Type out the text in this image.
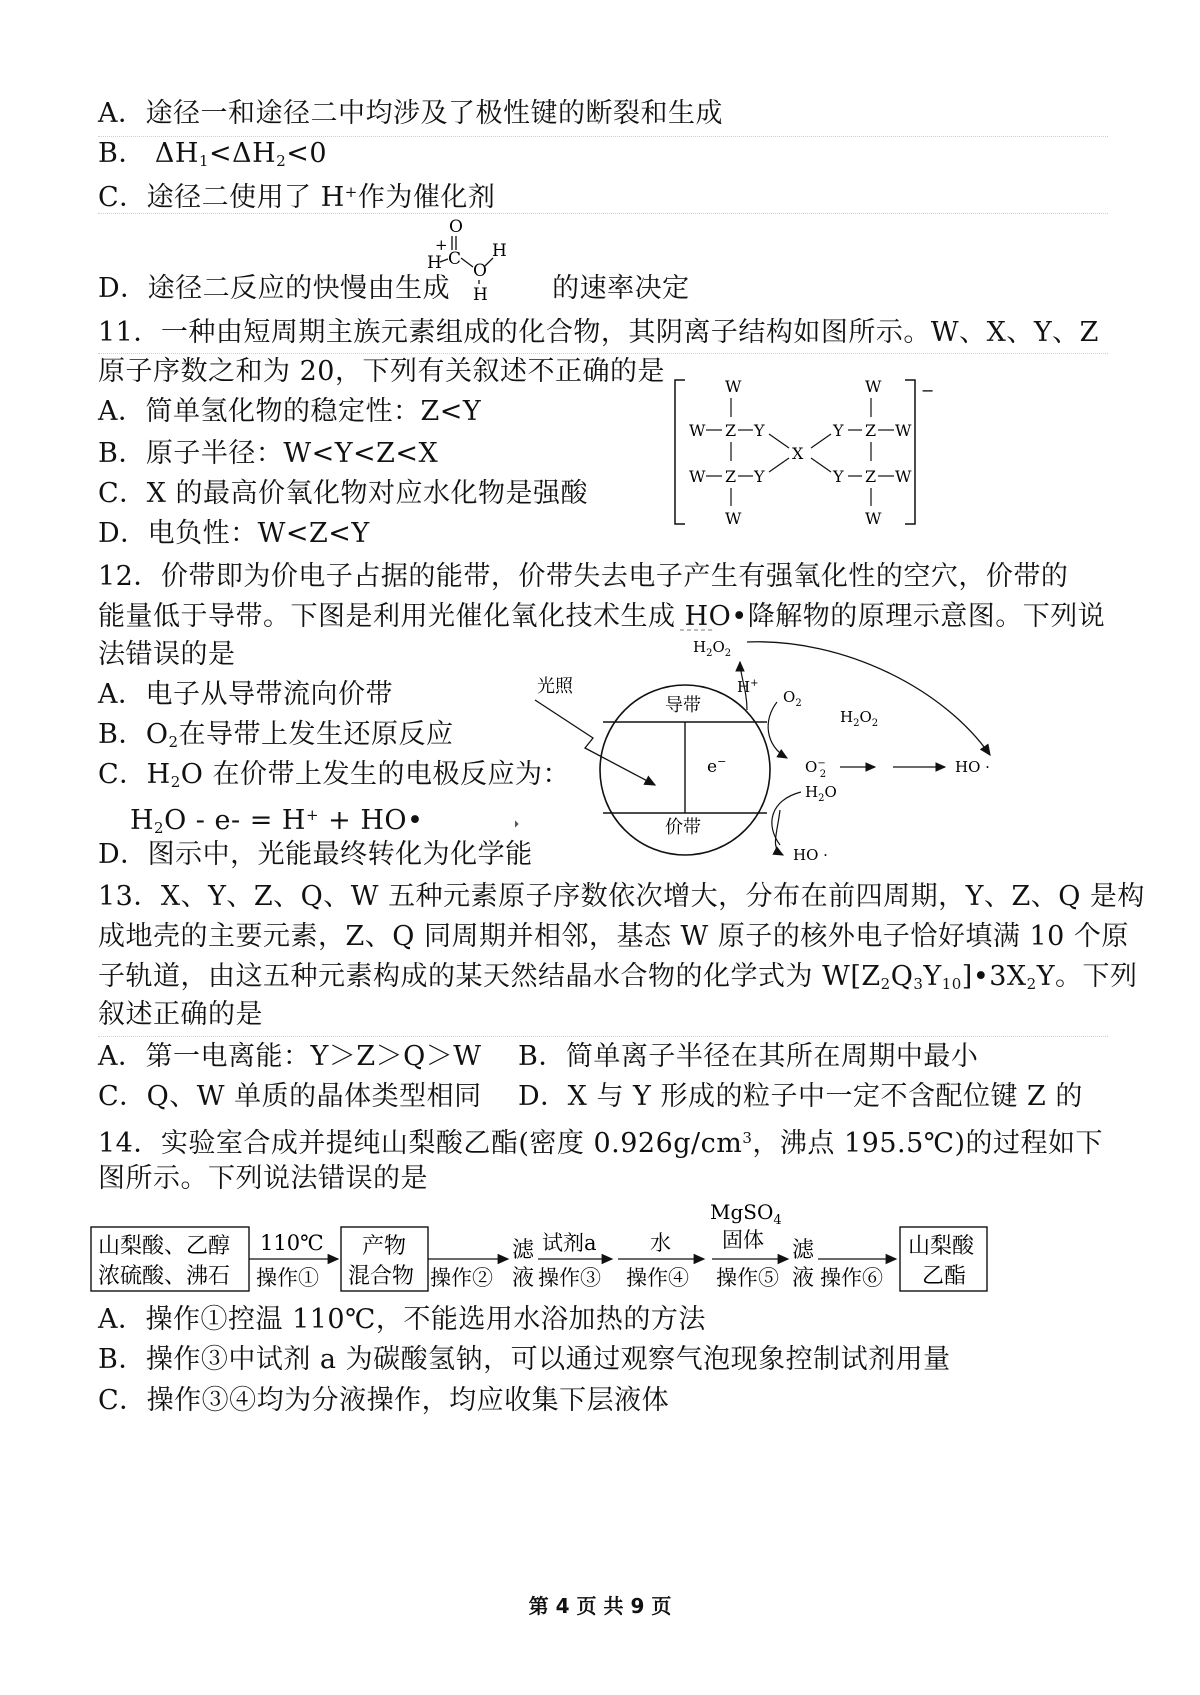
A．途径一和途径二中均涉及了极性键的断裂和生成
B． $\Delta H_1<\Delta H_2<0$
C．途径二使用了 H+作为催化剂
O
+
H C
O
H
H
D．途径二反应的快慢由生成	的速率决定
11．一种由短周期主族元素组成的化合物，其阴离子结构如图所示。W、X、Y、Z
原子序数之和为 20，下列有关叙述不正确的是
A．简单氢化物的稳定性：Z<Y
B．原子半径：W<Y<Z<X
C．X 的最高价氧化物对应水化物是强酸
D．电负性：W<Z<Y
−
W
W Z Y
W Z Y
W
X
W
Y Z W
Y Z W
W
12．价带即为价电子占据的能带，价带失去电子产生有强氧化性的空穴，价带的
能量低于导带。下图是利用光催化氧化技术生成 HO•降解物的原理示意图。下列说
法错误的是
A．电子从导带流向价带
B．$O_2$在导带上发生还原反应
C．$H_2O$ 在价带上发生的电极反应为：
$H_2O - e- = H^+$ + HO•
D．图示中，光能最终转化为化学能
光照
导带
价带
e−
$H_2O_2$
H+
$O_2$
$H_2O_2$
O− 2	HO ·
$H_2O$
HO ·
13．X、Y、Z、Q、W 五种元素原子序数依次增大，分布在前四周期，Y、Z、Q 是构
成地壳的主要元素，Z、Q 同周期并相邻，基态 W 原子的核外电子恰好填满 10 个原
子轨道，由这五种元素构成的某天然结晶水合物的化学式为 $W[Z_2Q_3Y_{10}]•3X_2Y$。下列
叙述正确的是
A．第一电离能：Y＞Z＞Q＞W B．简单离子半径在其所在周期中最小
C．Q、W 单质的晶体类型相同 D．X 与 Y 形成的粒子中一定不含配位键 Z 的
14．实验室合成并提纯山梨酸乙酯(密度 $0.926g/cm^3$，沸点 195.5℃)的过程如下
图所示。下列说法错误的是
山梨酸、乙醇
浓硫酸、沸石
110℃
操作①
产物
混合物 操作②
滤
液
试剂a
操作③
水
操作④
MgSO$_4$
固体
操作⑤
滤
液 操作⑥
山梨酸
乙酯
A．操作①控温 110℃，不能选用水浴加热的方法
B．操作③中试剂 a 为碳酸氢钠，可以通过观察气泡现象控制试剂用量
C．操作③④均为分液操作，均应收集下层液体
第 4 页 共 9 页
